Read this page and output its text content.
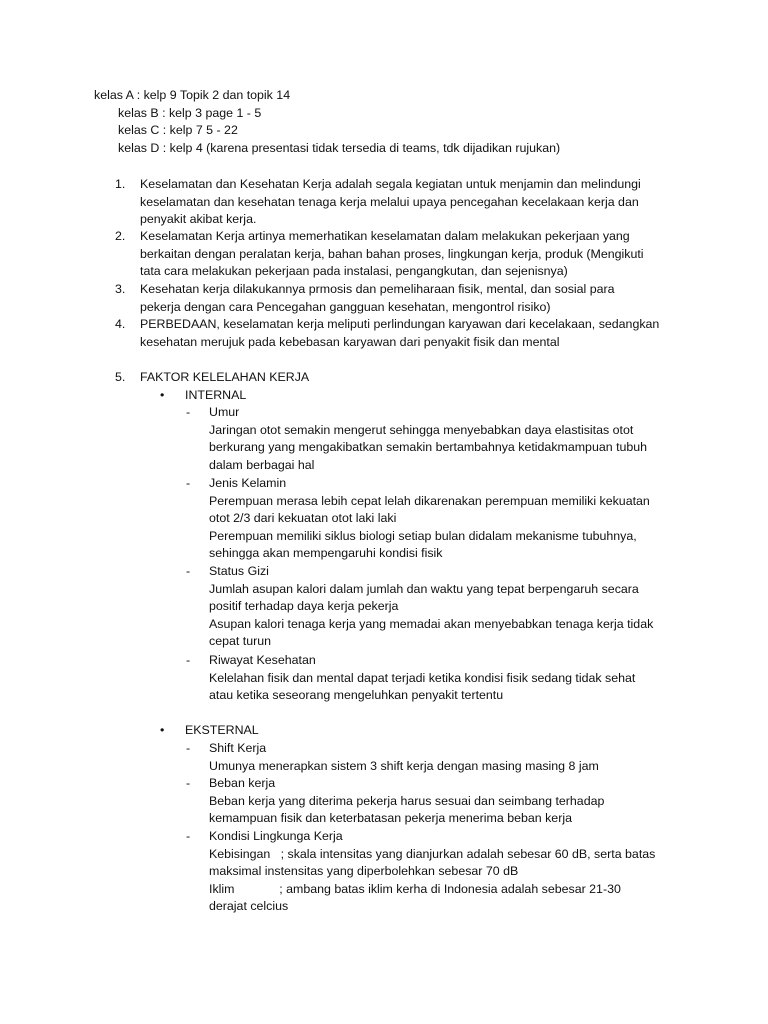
kelas A : kelp 9 Topik 2 dan topik 14
kelas B : kelp 3 page 1 - 5
kelas C : kelp 7 5 - 22
kelas D : kelp 4 (karena presentasi tidak tersedia di teams, tdk dijadikan rujukan)
1. Keselamatan dan Kesehatan Kerja adalah segala kegiatan untuk menjamin dan melindungi
keselamatan dan kesehatan tenaga kerja melalui upaya pencegahan kecelakaan kerja dan
penyakit akibat kerja.
2. Keselamatan Kerja artinya memerhatikan keselamatan dalam melakukan pekerjaan yang
berkaitan dengan peralatan kerja, bahan bahan proses, lingkungan kerja, produk (Mengikuti
tata cara melakukan pekerjaan pada instalasi, pengangkutan, dan sejenisnya)
3. Kesehatan kerja dilakukannya prmosis dan pemeliharaan fisik, mental, dan sosial para
pekerja dengan cara Pencegahan gangguan kesehatan, mengontrol risiko)
4. PERBEDAAN, keselamatan kerja meliputi perlindungan karyawan dari kecelakaan, sedangkan
kesehatan merujuk pada kebebasan karyawan dari penyakit fisik dan mental
5. FAKTOR KELELAHAN KERJA
• INTERNAL
- Umur
Jaringan otot semakin mengerut sehingga menyebabkan daya elastisitas otot
berkurang yang mengakibatkan semakin bertambahnya ketidakmampuan tubuh
dalam berbagai hal
- Jenis Kelamin
Perempuan merasa lebih cepat lelah dikarenakan perempuan memiliki kekuatan
otot 2/3 dari kekuatan otot laki laki
Perempuan memiliki siklus biologi setiap bulan didalam mekanisme tubuhnya,
sehingga akan mempengaruhi kondisi fisik
- Status Gizi
Jumlah asupan kalori dalam jumlah dan waktu yang tepat berpengaruh secara
positif terhadap daya kerja pekerja
Asupan kalori tenaga kerja yang memadai akan menyebabkan tenaga kerja tidak
cepat turun
- Riwayat Kesehatan
Kelelahan fisik dan mental dapat terjadi ketika kondisi fisik sedang tidak sehat
atau ketika seseorang mengeluhkan penyakit tertentu
• EKSTERNAL
- Shift Kerja
Umunya menerapkan sistem 3 shift kerja dengan masing masing 8 jam
- Beban kerja
Beban kerja yang diterima pekerja harus sesuai dan seimbang terhadap
kemampuan fisik dan keterbatasan pekerja menerima beban kerja
- Kondisi Lingkunga Kerja
Kebisingan   ; skala intensitas yang dianjurkan adalah sebesar 60 dB, serta batas
maksimal instensitas yang diperbolehkan sebesar 70 dB
Iklim             ; ambang batas iklim kerha di Indonesia adalah sebesar 21-30
derajat celcius
